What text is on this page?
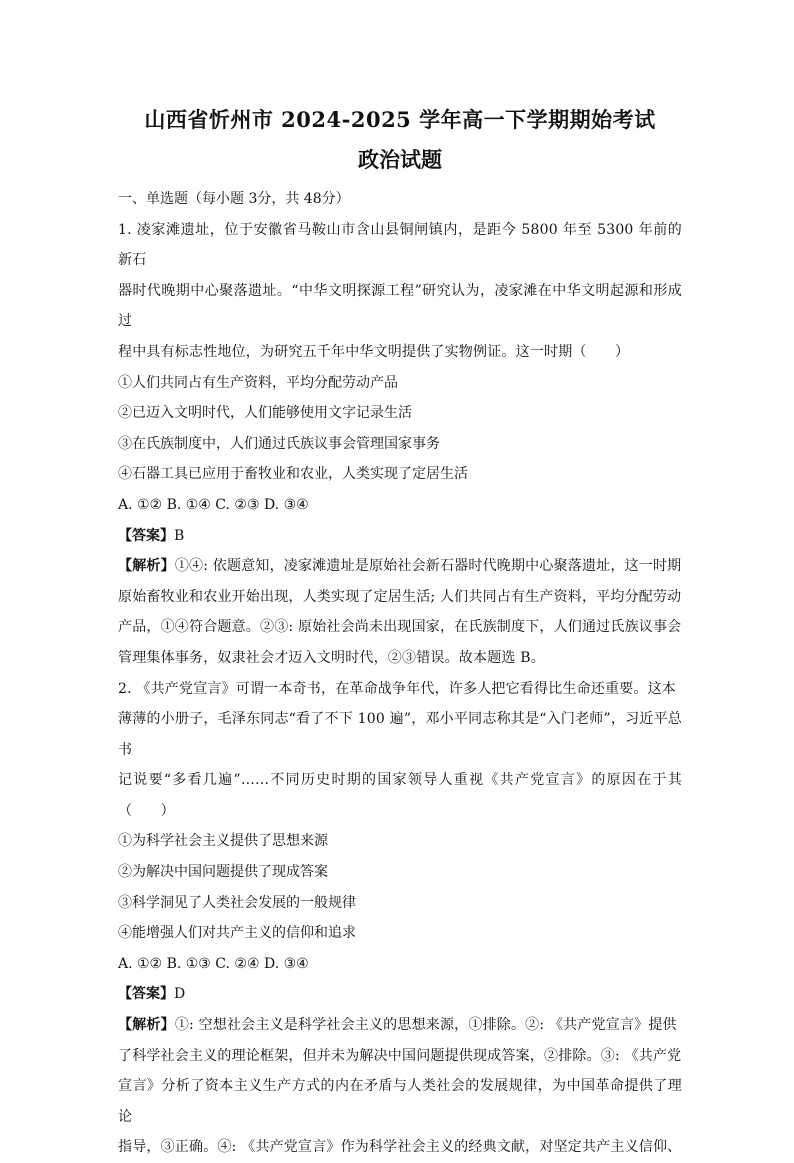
山西省忻州市 2024-2025 学年高一下学期期始考试
政治试题

一、单选题（每小题 3分，共 48分）

1. 凌家滩遗址，位于安徽省马鞍山市含山县铜闸镇内，是距今 5800 年至 5300 年前的新石

器时代晚期中心聚落遗址。“中华文明探源工程”研究认为，凌家滩在中华文明起源和形成过

程中具有标志性地位，为研究五千年中华文明提供了实物例证。这一时期（　　）

①人们共同占有生产资料，平均分配劳动产品

②已迈入文明时代，人们能够使用文字记录生活

③在氏族制度中，人们通过氏族议事会管理国家事务

④石器工具已应用于畜牧业和农业，人类实现了定居生活

A. ①② B. ①④ C. ②③ D. ③④

【答案】B

【解析】①④: 依题意知，凌家滩遗址是原始社会新石器时代晚期中心聚落遗址，这一时期

原始畜牧业和农业开始出现，人类实现了定居生活; 人们共同占有生产资料，平均分配劳动

产品，①④符合题意。②③: 原始社会尚未出现国家，在氏族制度下，人们通过氏族议事会

管理集体事务，奴隶社会才迈入文明时代，②③错误。故本题选 B。

2. 《共产党宣言》可谓一本奇书，在革命战争年代，许多人把它看得比生命还重要。这本

薄薄的小册子，毛泽东同志“看了不下 100 遍”，邓小平同志称其是“入门老师”，习近平总书

记说要“多看几遍”……不同历史时期的国家领导人重视《共产党宣言》的原因在于其（　　）

①为科学社会主义提供了思想来源

②为解决中国问题提供了现成答案

③科学洞见了人类社会发展的一般规律

④能增强人们对共产主义的信仰和追求

A. ①② B. ①③ C. ②④ D. ③④

【答案】D

【解析】①: 空想社会主义是科学社会主义的思想来源，①排除。②: 《共产党宣言》提供

了科学社会主义的理论框架，但并未为解决中国问题提供现成答案，②排除。③: 《共产党

宣言》分析了资本主义生产方式的内在矛盾与人类社会的发展规律，为中国革命提供了理论

指导，③正确。④: 《共产党宣言》作为科学社会主义的经典文献，对坚定共产主义信仰、
